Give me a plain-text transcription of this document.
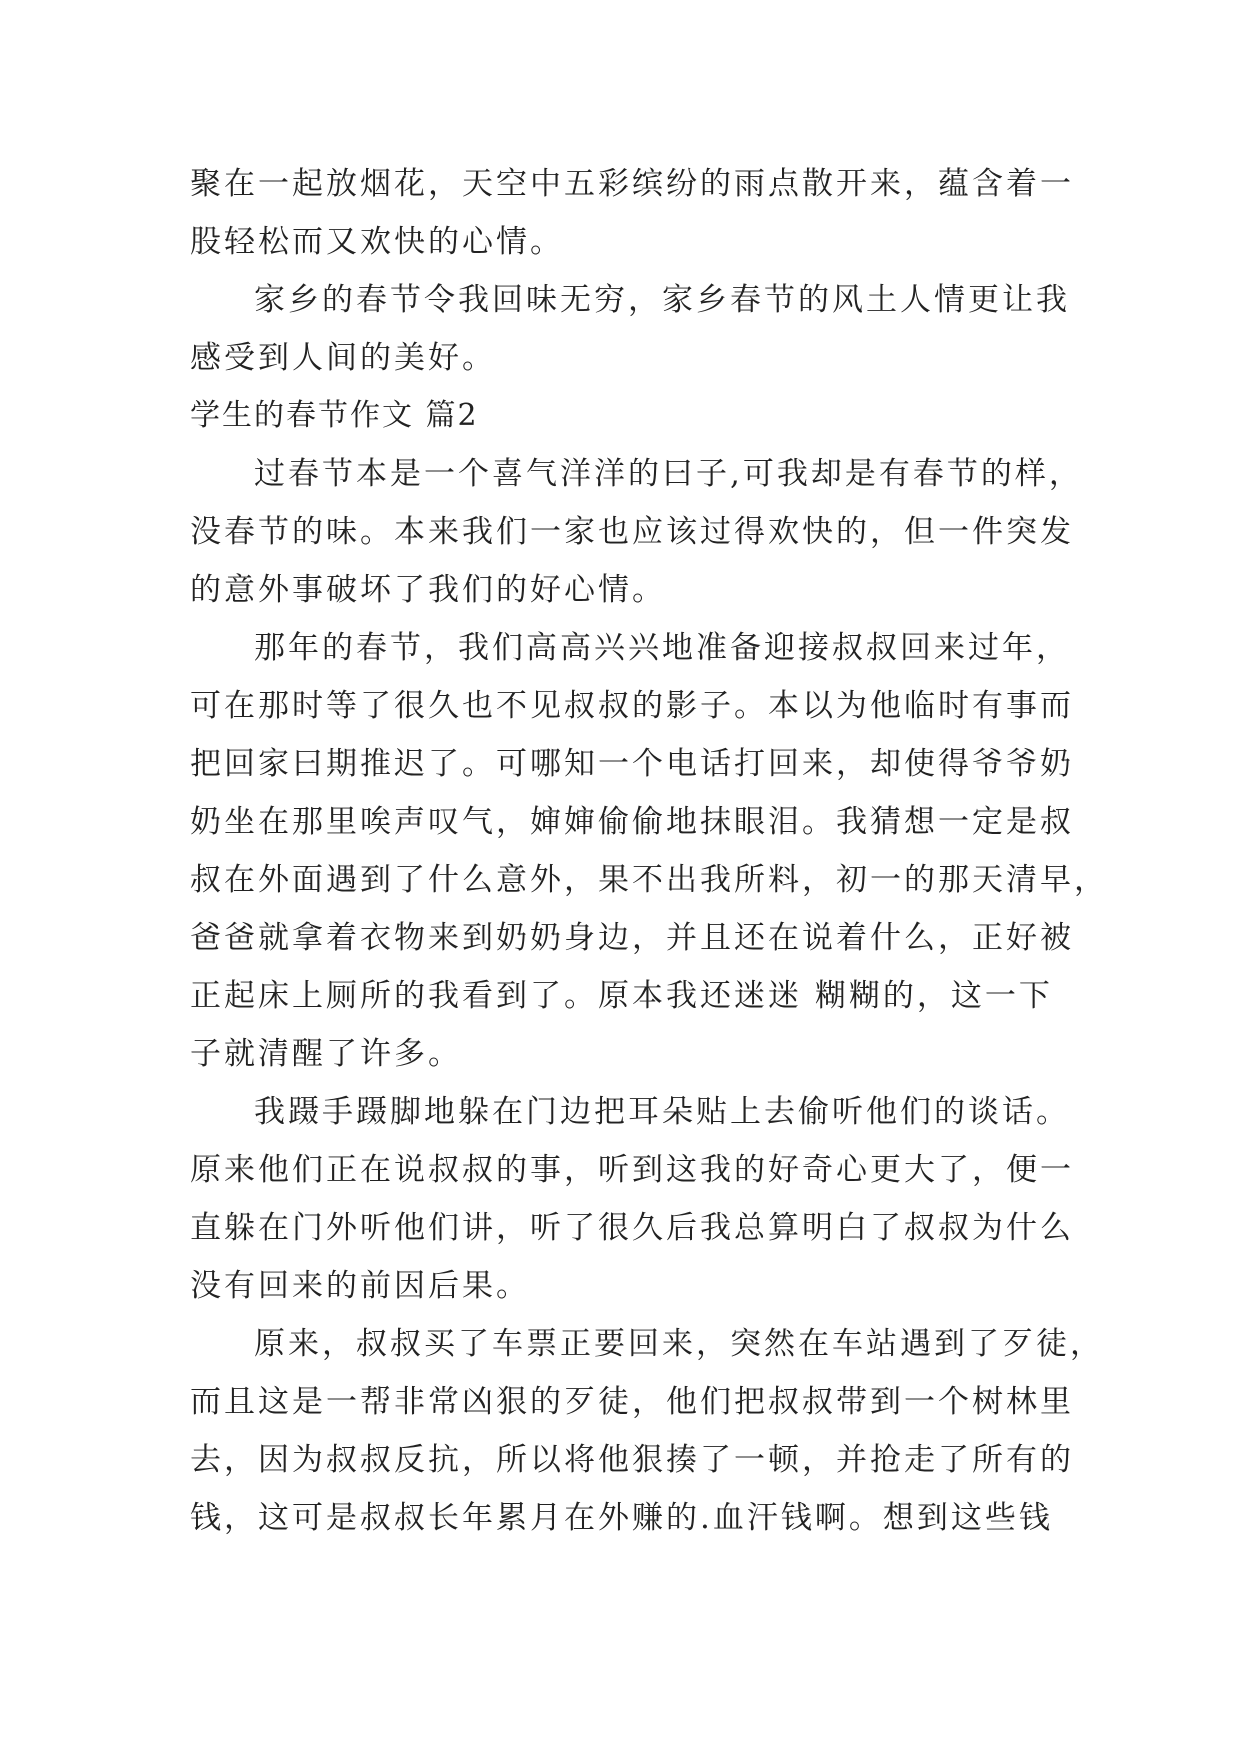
聚在一起放烟花，天空中五彩缤纷的雨点散开来，蕴含着一
股轻松而又欢快的心情。
家乡的春节令我回味无穷，家乡春节的风土人情更让我
感受到人间的美好。
学生的春节作文 篇2
过春节本是一个喜气洋洋的曰子,可我却是有春节的样，
没春节的味。本来我们一家也应该过得欢快的，但一件突发
的意外事破坏了我们的好心情。
那年的春节，我们高高兴兴地准备迎接叔叔回来过年，
可在那时等了很久也不见叔叔的影子。本以为他临时有事而
把回家曰期推迟了。可哪知一个电话打回来，却使得爷爷奶
奶坐在那里唉声叹气，婶婶偷偷地抹眼泪。我猜想一定是叔
叔在外面遇到了什么意外，果不出我所料，初一的那天清早，
爸爸就拿着衣物来到奶奶身边，并且还在说着什么，正好被
正起床上厕所的我看到了。原本我还迷迷 糊糊的，这一下
子就清醒了许多。
我蹑手蹑脚地躲在门边把耳朵贴上去偷听他们的谈话。
原来他们正在说叔叔的事，听到这我的好奇心更大了，便一
直躲在门外听他们讲，听了很久后我总算明白了叔叔为什么
没有回来的前因后果。
原来，叔叔买了车票正要回来，突然在车站遇到了歹徒，
而且这是一帮非常凶狠的歹徒，他们把叔叔带到一个树林里
去，因为叔叔反抗，所以将他狠揍了一顿，并抢走了所有的
钱，这可是叔叔长年累月在外赚的.血汗钱啊。想到这些钱
